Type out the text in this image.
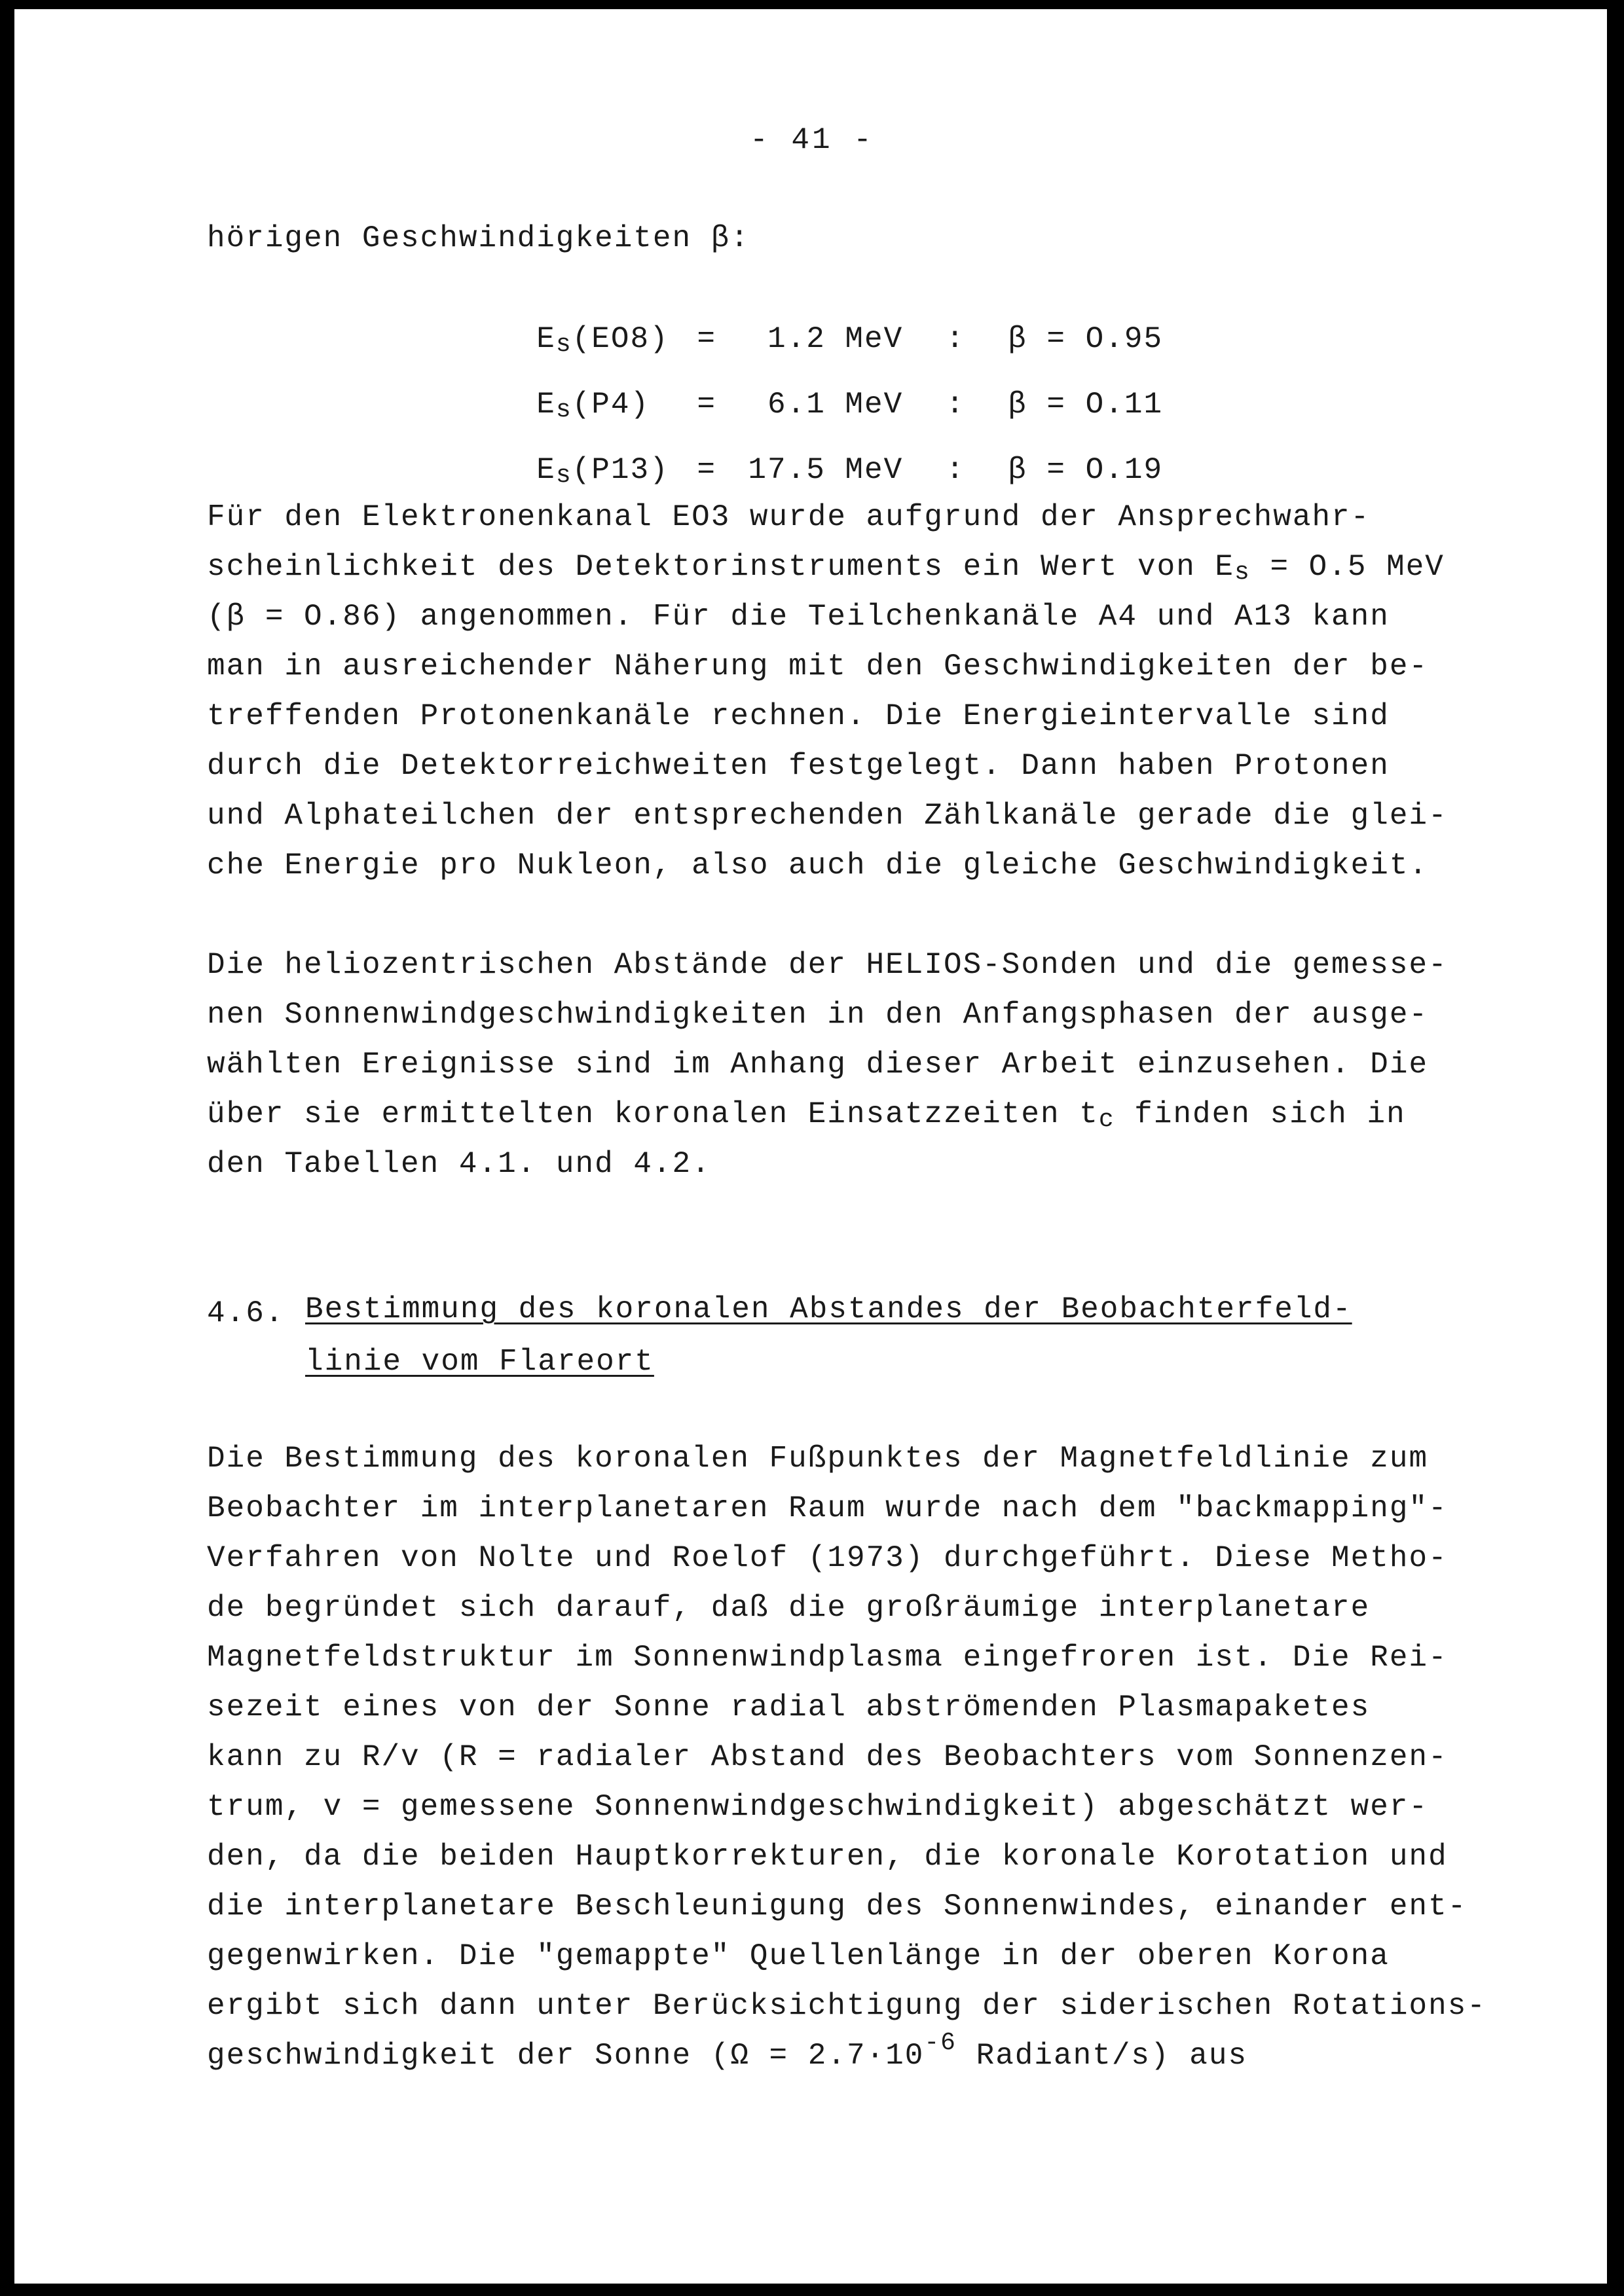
- 41 -
hörigen Geschwindigkeiten β:

$E_s(EO8) = 1.2$ MeV : β = O.95

$E_s(P4) = 6.1$ MeV : β = O.11

$E_s(P13) = 17.5$ MeV : β = O.19

Für den Elektronenkanal EO3 wurde aufgrund der Ansprechwahr-
scheinlichkeit des Detektorinstruments ein Wert von $E_s = O.5$ MeV
(β = O.86) angenommen. Für die Teilchenkanäle A4 und A13 kann
man in ausreichender Näherung mit den Geschwindigkeiten der be-
treffenden Protonenkanäle rechnen. Die Energieintervalle sind
durch die Detektorreichweiten festgelegt. Dann haben Protonen
und Alphateilchen der entsprechenden Zählkanäle gerade die glei-
che Energie pro Nukleon, also auch die gleiche Geschwindigkeit.
Die heliozentrischen Abstände der HELIOS-Sonden und die gemesse-
nen Sonnenwindgeschwindigkeiten in den Anfangsphasen der ausge-
wählten Ereignisse sind im Anhang dieser Arbeit einzusehen. Die
über sie ermittelten koronalen Einsatzzeiten $t_c$ finden sich in
den Tabellen 4.1. und 4.2.
4.6. Bestimmung des koronalen Abstandes der Beobachterfeld-
linie vom Flareort
Die Bestimmung des koronalen Fußpunktes der Magnetfeldlinie zum
Beobachter im interplanetaren Raum wurde nach dem "backmapping"-
Verfahren von Nolte und Roelof (1973) durchgeführt. Diese Metho-
de begründet sich darauf, daß die großräumige interplanetare
Magnetfeldstruktur im Sonnenwindplasma eingefroren ist. Die Rei-
sezeit eines von der Sonne radial abströmenden Plasmapaketes
kann zu R/v (R = radialer Abstand des Beobachters vom Sonnenzen-
trum, v = gemessene Sonnenwindgeschwindigkeit) abgeschätzt wer-
den, da die beiden Hauptkorrekturen, die koronale Korotation und
die interplanetare Beschleunigung des Sonnenwindes, einander ent-
gegenwirken. Die "gemappte" Quellenlänge in der oberen Korona
ergibt sich dann unter Berücksichtigung der siderischen Rotations-
geschwindigkeit der Sonne ($\Omega = 2.7\cdot 10^{-6}$ Radiant/s) aus
